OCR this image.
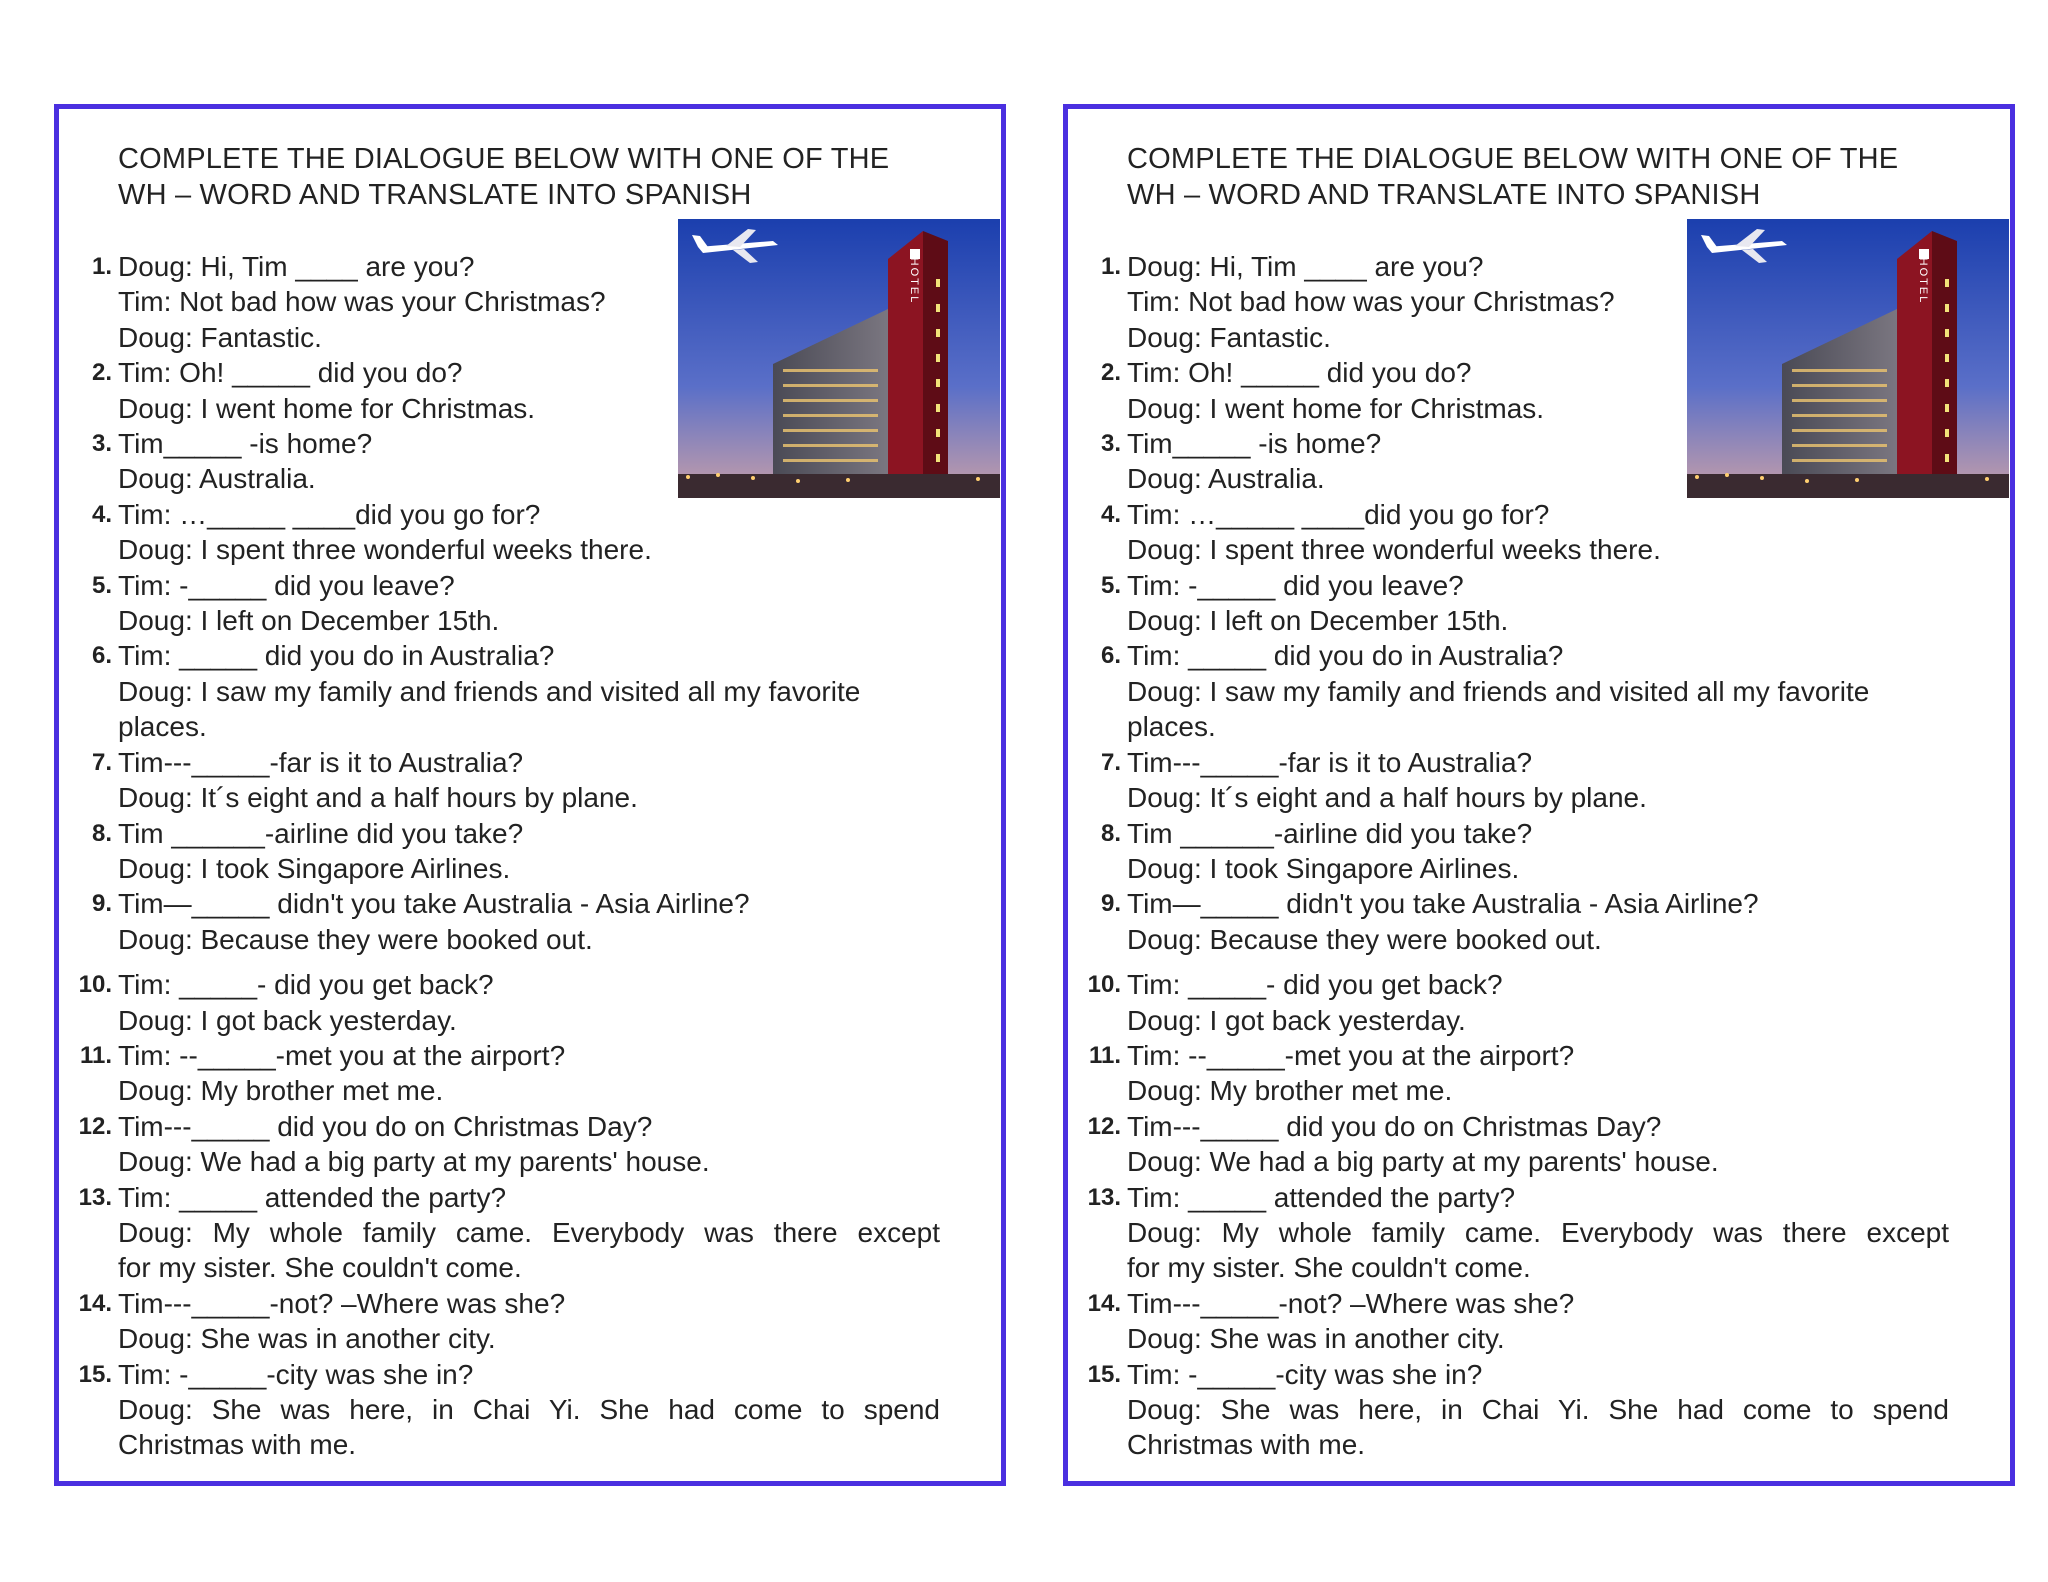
COMPLETE THE DIALOGUE BELOW WITH ONE OF THE
WH – WORD AND TRANSLATE INTO SPANISH
HOTEL
1. Doug: Hi, Tim ____ are you?
Tim: Not bad how was your Christmas?
Doug: Fantastic.
2. Tim: Oh! _____ did you do?
Doug: I went home for Christmas.
3. Tim_____ -is home?
Doug: Australia.
4. Tim: …_____ ____did you go for?
Doug: I spent three wonderful weeks there.
5. Tim: -_____ did you leave?
Doug: I left on December 15th.
6. Tim: _____ did you do in Australia?
Doug: I saw my family and friends and visited all my favorite
places.
7. Tim---_____-far is it to Australia?
Doug: It´s eight and a half hours by plane.
8. Tim ______-airline did you take?
Doug: I took Singapore Airlines.
9. Tim—_____ didn't you take Australia - Asia Airline?
Doug: Because they were booked out.
10. Tim: _____- did you get back?
Doug: I got back yesterday.
11. Tim: --_____-met you at the airport?
Doug: My brother met me.
12. Tim---_____ did you do on Christmas Day?
Doug: We had a big party at my parents' house.
13. Tim: _____ attended the party?
Doug: My whole family came. Everybody was there except
for my sister. She couldn't come.
14. Tim---_____-not? –Where was she?
Doug: She was in another city.
15. Tim: -_____-city was she in?
Doug: She was here, in Chai Yi. She had come to spend
Christmas with me.
COMPLETE THE DIALOGUE BELOW WITH ONE OF THE
WH – WORD AND TRANSLATE INTO SPANISH
HOTEL
1. Doug: Hi, Tim ____ are you?
Tim: Not bad how was your Christmas?
Doug: Fantastic.
2. Tim: Oh! _____ did you do?
Doug: I went home for Christmas.
3. Tim_____ -is home?
Doug: Australia.
4. Tim: …_____ ____did you go for?
Doug: I spent three wonderful weeks there.
5. Tim: -_____ did you leave?
Doug: I left on December 15th.
6. Tim: _____ did you do in Australia?
Doug: I saw my family and friends and visited all my favorite
places.
7. Tim---_____-far is it to Australia?
Doug: It´s eight and a half hours by plane.
8. Tim ______-airline did you take?
Doug: I took Singapore Airlines.
9. Tim—_____ didn't you take Australia - Asia Airline?
Doug: Because they were booked out.
10. Tim: _____- did you get back?
Doug: I got back yesterday.
11. Tim: --_____-met you at the airport?
Doug: My brother met me.
12. Tim---_____ did you do on Christmas Day?
Doug: We had a big party at my parents' house.
13. Tim: _____ attended the party?
Doug: My whole family came. Everybody was there except
for my sister. She couldn't come.
14. Tim---_____-not? –Where was she?
Doug: She was in another city.
15. Tim: -_____-city was she in?
Doug: She was here, in Chai Yi. She had come to spend
Christmas with me.
